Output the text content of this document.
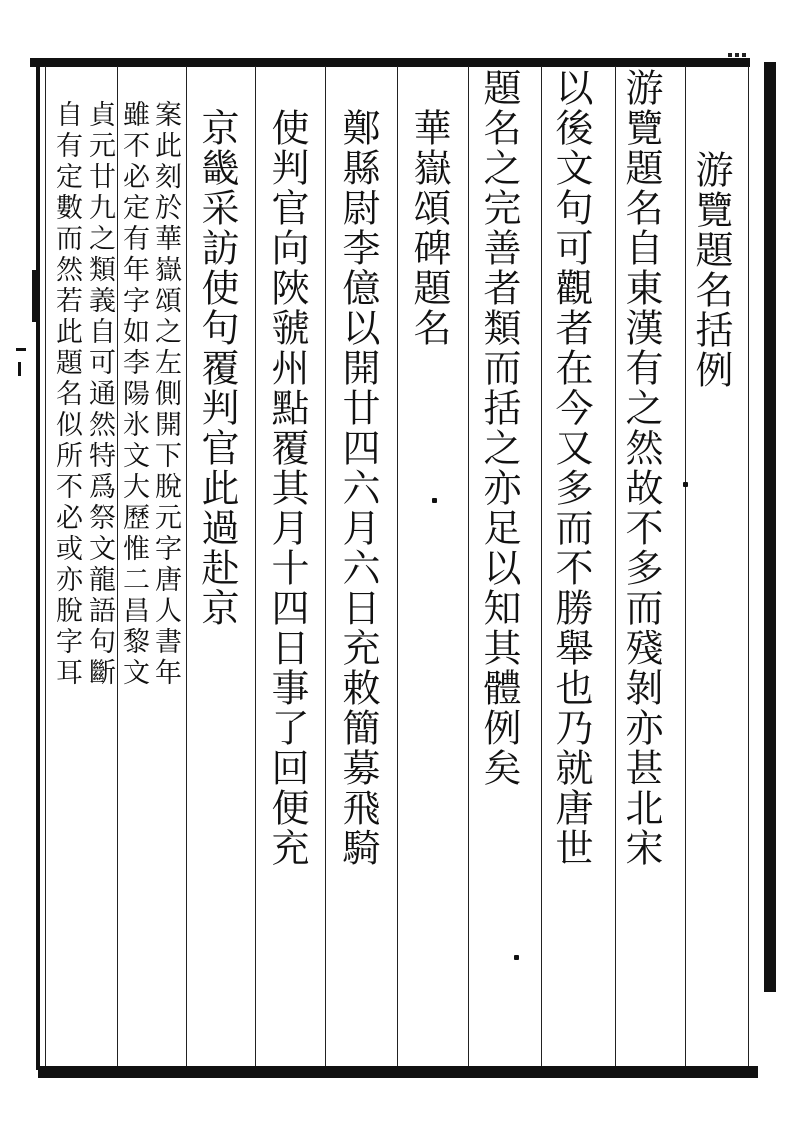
游覽題名括例
游覽題名自東漢有之然故不多而殘剝亦甚北宋
以後文句可觀者在今又多而不勝舉也乃就唐世
題名之完善者類而括之亦足以知其體例矣
華嶽頌碑題名
鄭縣尉李億以開廿四六月六日充敕簡募飛騎
使判官向陜虢州點覆其月十四日事了回便充
京畿采訪使句覆判官此過赴京
案此刻於華嶽頌之左側開下脫元字唐人書年
雖不必定有年字如李陽氷文大歷惟二昌黎文
貞元廿九之類義自可通然特爲祭文龍語句斷
自有定數而然若此題名似所不必或亦脫字耳
